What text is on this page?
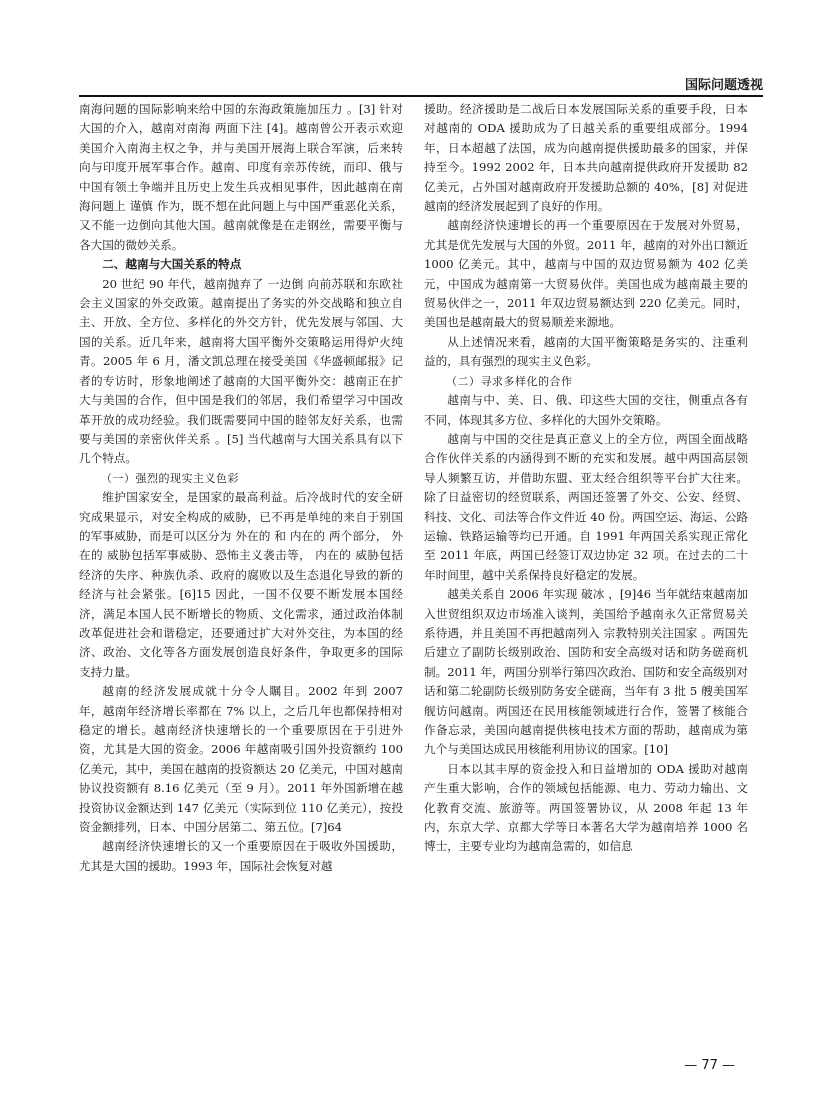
国际问题透视

南海问题的国际影响来给中国的东海政策施加压力 。[3] 针对大国的介入，越南对南海 两面下注 [4]。越南曾公开表示欢迎美国介入南海主权之争，并与美国开展海上联合军演，后来转向与印度开展军事合作。越南、印度有亲苏传统，而印、俄与中国有领土争端并且历史上发生兵戎相见事件，因此越南在南海问题上 谨慎 作为，既不想在此问题上与中国严重恶化关系，又不能一边倒向其他大国。越南就像是在走钢丝，需要平衡与各大国的微妙关系。

二、越南与大国关系的特点

20 世纪 90 年代，越南抛弃了 一边倒 向前苏联和东欧社会主义国家的外交政策。越南提出了务实的外交战略和独立自主、开放、全方位、多样化的外交方针，优先发展与邻国、大国的关系。近几年来，越南将大国平衡外交策略运用得炉火纯青。2005 年 6 月，潘文凯总理在接受美国《华盛顿邮报》记者的专访时，形象地阐述了越南的大国平衡外交：越南正在扩大与美国的合作，但中国是我们的邻居，我们希望学习中国改革开放的成功经验。我们既需要同中国的睦邻友好关系，也需要与美国的亲密伙伴关系 。[5] 当代越南与大国关系具有以下几个特点。

（一）强烈的现实主义色彩

维护国家安全，是国家的最高利益。后冷战时代的安全研究成果显示，对安全构成的威胁，已不再是单纯的来自于别国的军事威胁，而是可以区分为 外在的 和 内在的 两个部分， 外在的 威胁包括军事威胁、恐怖主义袭击等， 内在的 威胁包括经济的失序、种族仇杀、政府的腐败以及生态退化导致的新的经济与社会紧张。[6]15 因此，一国不仅要不断发展本国经济，满足本国人民不断增长的物质、文化需求，通过政治体制改革促进社会和谐稳定，还要通过扩大对外交往，为本国的经济、政治、文化等各方面发展创造良好条件，争取更多的国际支持力量。

越南的经济发展成就十分令人瞩目。2002 年到 2007 年，越南年经济增长率都在 7% 以上，之后几年也都保持相对稳定的增长。越南经济快速增长的一个重要原因在于引进外资，尤其是大国的资金。2006 年越南吸引国外投资额约 100 亿美元，其中，美国在越南的投资额达 20 亿美元，中国对越南协议投资额有 8.16 亿美元（至 9 月）。2011 年外国新增在越投资协议金额达到 147 亿美元（实际到位 110 亿美元），按投资金额排列，日本、中国分居第二、第五位。[7]64

越南经济快速增长的又一个重要原因在于吸收外国援助，尤其是大国的援助。1993 年，国际社会恢复对越

援助。经济援助是二战后日本发展国际关系的重要手段，日本对越南的 ODA 援助成为了日越关系的重要组成部分。1994 年，日本超越了法国，成为向越南提供援助最多的国家，并保持至今。1992 2002 年，日本共向越南提供政府开发援助 82 亿美元，占外国对越南政府开发援助总额的 40%，[8] 对促进越南的经济发展起到了良好的作用。

越南经济快速增长的再一个重要原因在于发展对外贸易，尤其是优先发展与大国的外贸。2011 年，越南的对外出口额近 1000 亿美元。其中，越南与中国的双边贸易额为 402 亿美元，中国成为越南第一大贸易伙伴。美国也成为越南最主要的贸易伙伴之一，2011 年双边贸易额达到 220 亿美元。同时，美国也是越南最大的贸易顺差来源地。

从上述情况来看，越南的大国平衡策略是务实的、注重利益的，具有强烈的现实主义色彩。

（二）寻求多样化的合作

越南与中、美、日、俄、印这些大国的交往，侧重点各有不同，体现其多方位、多样化的大国外交策略。

越南与中国的交往是真正意义上的全方位，两国全面战略合作伙伴关系的内涵得到不断的充实和发展。越中两国高层领导人频繁互访，并借助东盟、亚太经合组织等平台扩大往来。除了日益密切的经贸联系，两国还签署了外交、公安、经贸、科技、文化、司法等合作文件近 40 份。两国空运、海运、公路运输、铁路运输等均已开通。自 1991 年两国关系实现正常化至 2011 年底，两国已经签订双边协定 32 项。在过去的二十年时间里，越中关系保持良好稳定的发展。

越美关系自 2006 年实现 破冰 ，[9]46 当年就结束越南加入世贸组织双边市场准入谈判，美国给予越南永久正常贸易关系待遇，并且美国不再把越南列入 宗教特别关注国家 。两国先后建立了副防长级别政治、国防和安全高级对话和防务磋商机制。2011 年，两国分别举行第四次政治、国防和安全高级别对话和第二轮副防长级别防务安全磋商，当年有 3 批 5 艘美国军舰访问越南。两国还在民用核能领域进行合作，签署了核能合作备忘录，美国向越南提供核电技术方面的帮助，越南成为第九个与美国达成民用核能利用协议的国家。[10]

日本以其丰厚的资金投入和日益增加的 ODA 援助对越南产生重大影响，合作的领域包括能源、电力、劳动力输出、文化教育交流、旅游等。两国签署协议，从 2008 年起 13 年内，东京大学、京都大学等日本著名大学为越南培养 1000 名博士，主要专业均为越南急需的，如信息

— 77 —
